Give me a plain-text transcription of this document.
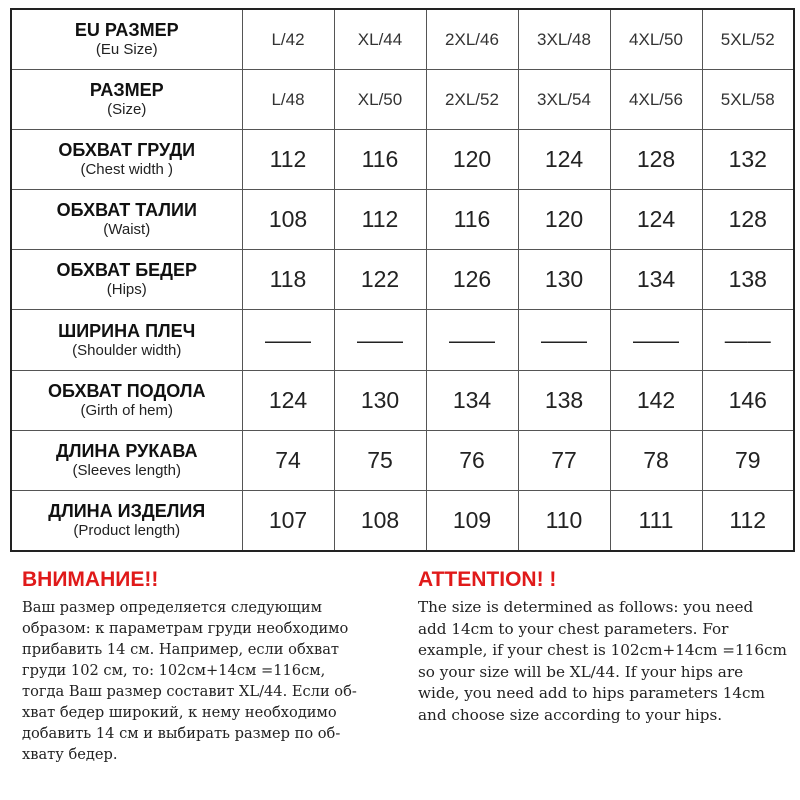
EU РАЗМЕР
(Eu Size)	L/42	XL/44	2XL/46	3XL/48	4XL/50	5XL/52

РАЗМЕР
(Size)	L/48	XL/50	2XL/52	3XL/54	4XL/56	5XL/58

ОБХВАТ ГРУДИ
(Chest width )	112	116	120	124	128	132

ОБХВАТ ТАЛИИ
(Waist)	108	112	116	120	124	128

ОБХВАТ БЕДЕР
(Hips)	118	122	126	130	134	138

ШИРИНА ПЛЕЧ
(Shoulder width)	——	——	——	——	——	——

ОБХВАТ ПОДОЛА
(Girth of hem)	124	130	134	138	142	146

ДЛИНА РУКАВА
(Sleeves length)	74	75	76	77	78	79

ДЛИНА ИЗДЕЛИЯ
(Product length)	107	108	109	110	111	112
ВНИМАНИЕ!!
Ваш размер определяется следующим
образом: к параметрам груди необходимо
прибавить 14 см. Например, если обхват
груди 102 см, то: 102см+14см =116см,
тогда Ваш размер составит XL/44. Если об-
хват бедер широкий, к нему необходимо
добавить 14 см и выбирать размер по об-
хвату бедер.
ATTENTION! !
The size is determined as follows: you need
add 14cm to your chest parameters. For
example, if your chest is 102cm+14cm =116cm
so your size will be XL/44. If your hips are
wide, you need add to hips parameters 14cm
and choose size according to your hips.
